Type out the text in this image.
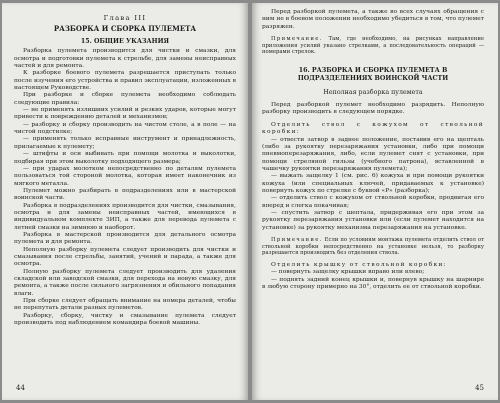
Глава III

РАЗБОРКА И СБОРКА ПУЛЕМЕТА

15. ОБЩИЕ УКАЗАНИЯ

Разборка пулемета производится для чистки и смазки, для осмотра и подготовки пулемета к стрельбе, для замены неисправных частей и для ремонта.

К разборке боевого пулемета разрешается приступать только после изучения его устройства и правил эксплуатации, изложенных в настоящем Руководстве.

При разборке и сборке пулемета необходимо соблюдать следующие правила:

— не применять излишних усилий и резких ударов, которые могут привести к повреждению деталей и механизмов;

— разборку и сборку производить на чистом столе, а в поле — на чистой подстилке;

— применять только исправные инструмент и принадлежность, прилагаемые к пулемету;

— штифты и оси выбивать при помощи молотка и выколотки, подбирая при этом выколотку подходящего размера;

— при ударах молотком непосредственно по деталям пулемета пользоваться той стороной молотка, которая имеет наконечник из мягкого металла.

Пулемет можно разбирать в подразделениях или в мастерской воинской части.

Разборка в подразделениях производится для чистки, смазывания, осмотра и для замены неисправных частей, имеющихся в индивидуальном комплекте ЗИП, а также для перевода пулемета с летней смазки на зимнюю и наоборот.

Разборка в мастерской производится для детального осмотра пулемета и для ремонта.

Неполную разборку пулемета следует производить для чистки и смазывания после стрельбы, занятий, учений и парада, а также для осмотра.

Полную разборку пулемета следует производить для удаления складской или заводской смазки, для перехода на новую смазку, для ремонта, а также после сильного загрязнения и обильного попадания влаги.

При сборке следует обращать внимание на номера деталей, чтобы не перепутать детали разных пулеметов.

Разборку, сборку, чистку и смазывание пулемета следует производить под наблюдением командира боевой машины.

44

Перед разборкой пулемета, а также во всех случаях обращения с ним не в боевом положении необходимо убедиться в том, что пулемет разряжен.

Примечание. Там, где необходимо, на рисунках направление приложения усилий указано стрелками, а последовательность операций — номерами стрелок.

16. РАЗБОРКА И СБОРКА ПУЛЕМЕТА В ПОДРАЗДЕЛЕНИЯХ ВОИНСКОЙ ЧАСТИ

Неполная разборка пулемета

Перед разборкой пулемет необходимо разрядить. Неполную разборку производить в следующем порядке.

Отделить ствол с кожухом от ствольной коробки:

— отвести затвор в заднее положение, поставив его на щепталь (либо за рукоятку перезаряжания установки, либо при помощи пневмоперезаряжания, либо, если пулемет снят с установки, при помощи стреляной гильзы (учебного патрона), вставленной в чашечку рукоятки перезаряжания пулемета);

— выжать защелку 1 (см. рис. 6) кожуха и при помощи рукоятки кожуха (или специальных ключей, придаваемых к установке) повернуть кожух по стрелке с буквой «Р» (разборка);

— отделить ствол с кожухом от ствольной коробки, продвигая его вперед и слегка покачивая;

— спустить затвор с шептала, придерживая его при этом за рукоятку перезаряжания установки или (если пулемет находится на установке) за рукоятку механизма перезаряжания на установке.

Примечание. Если по условиям монтажа пулемета отделить ствол от ствольной коробки непосредственно на установке нельзя, то разборку разрешается производить без отделения ствола.

Отделить крышку от ствольной коробки:

— повернуть защелку крышки вправо или влево;

— поднять задний конец крышки и, повернув крышку на шарнире в любую сторону примерно на 30°, отделить ее от ствольной коробки.

45
